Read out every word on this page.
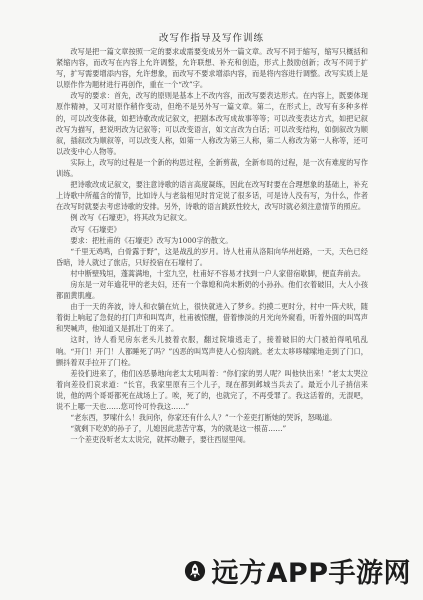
改写作指导及写作训练

改写是把一篇文章按照一定的要求或需要变成另外一篇文章。改写不同于缩写，缩写只概括和紧缩内容，而改写在内容上允许调整，允许联想、补充和创造，形式上鼓励创新；改写不同于扩写，扩写需要增添内容，允许想象，而改写不要求增添内容，而是将内容进行调整。改写实质上是以原作作为题材进行再创作，重在一个“改”字。

改写的要求：首先，改写的原则是基本上不改内容，而改写要表达形式。在内容上，既要体现原作精神，又可对原作稍作变动，但绝不是另外写一篇文章。第二，在形式上，改写有多种多样的，可以改变体裁，如把诗歌改成记叙文，把剧本改写成故事等等；可以改变表达方式，如把记叙改写为描写，把说明改为记叙等；可以改变语言，如文言改为白话；可以改变结构，如倒叙改为顺叙，插叙改为顺叙等，可以改变人称，如第一人称改为第三人称，第二人称改为第一人称等，还可以改变中心人物等。

实际上，改写的过程是一个新的构思过程，全新剪裁，全新布局的过程，是一次有难度的写作训练。

把诗歌改成记叙文，要注意诗歌的语言高度凝练，因此在改写时要在合理想象的基础上，补充上诗歌中所蕴含的情节，比如诗人与老翁相见时肯定说了很多话，可是诗人没有写，为什么，作者在改写时就要去考虑诗歌的安排。另外，诗歌的语言跳跃性较大，改写时就必须注意情节的照应。

例 改写《石壕吏》，将其改为记叙文。

改写《石壕吏》

要求：把杜甫的《石壕吏》改写为1000字的散文。

“千里无鸡鸣，白骨露于野”，这是战乱的岁月。诗人杜甫从洛阳向华州赶路，一天，天色已经昏暗，诗人就过了旅店，只好投宿在石壕村了。

村中断壁残垣，蓬蒿满地，十室九空，杜甫好不容易才找到一户人家借宿歇脚，便直奔前去。

房东是一对年逾花甲的老夫妇，还有一个靠媳和尚未断奶的小孙孙。他们衣着破旧，大人小孩都面黄肌瘦。

由于一天的奔波，诗人和衣躺在炕上，很快就进入了梦乡。约摸二更时分，村中一阵犬吠，随着街上响起了急促的打门声和叫骂声，杜甫被惊醒，借着惨淡的月光向外窥看，听着外面的叫骂声和哭喊声，他知道又是抓壮丁的来了。

这时，诗人看见房东老头儿披着衣服，翻过院墙逃走了，接着破旧的大门被拍得吼吼乱响。“开门！开门！人都睡死了吗？”凶恶的叫骂声使人心惊肉跳。老太太哆哆嗦嗦地走到了门口，颤抖着双手拉开了门栓。

差役们进来了，他们凶恶暴地向老太太吼叫着：“你们家的男人呢？叫他快出来！”老太太哭泣着向差役们哀求道：“长官，我家里原有三个儿子，现在都到邺城当兵去了。最近小儿子捎信来说，他的两个哥哥都死在战场上了。唉，死了的，也就完了，不再受罪了。我这活着的，无混吧，说不上哪一天也……您可怜可怜我这……”

“老东西，罗嗦什么！我问你，你家还有什么人？”一个差吏打断她的哭诉，怒喝道。

“就剩下吃奶的孙子了，儿媳因此悲苦守寡，为的就是这一根苗……”

一个差吏没听老太太说完，就挥动鞭子，要往西屋里闯。

远方APP手游网
